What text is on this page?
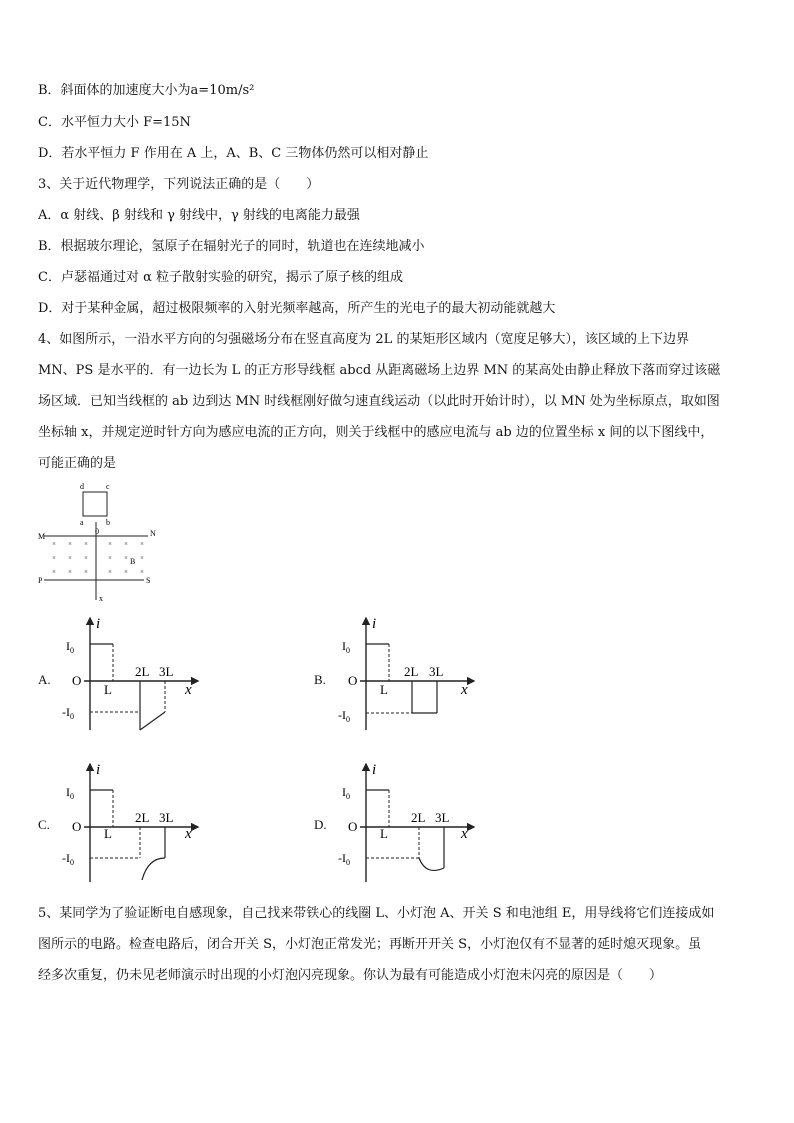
B．斜面体的加速度大小为a=10m/s²
C．水平恒力大小 F=15N
D．若水平恒力 F 作用在 A 上，A、B、C 三物体仍然可以相对静止
3、关于近代物理学，下列说法正确的是（　　）
A．α 射线、β 射线和 γ 射线中，γ 射线的电离能力最强
B．根据玻尔理论，氢原子在辐射光子的同时，轨道也在连续地减小
C．卢瑟福通过对 α 粒子散射实验的研究，揭示了原子核的组成
D．对于某种金属，超过极限频率的入射光频率越高，所产生的光电子的最大初动能就越大
4、如图所示，一沿水平方向的匀强磁场分布在竖直高度为 2L 的某矩形区域内（宽度足够大），该区域的上下边界
MN、PS 是水平的．有一边长为 L 的正方形导线框 abcd 从距离磁场上边界 MN 的某高处由静止释放下落而穿过该磁
场区域．已知当线框的 ab 边到达 MN 时线框刚好做匀速直线运动（以此时开始计时），以 MN 处为坐标原点，取如图
坐标轴 x，并规定逆时针方向为感应电流的正方向，则关于线框中的感应电流与 ab 边的位置坐标 x 间的以下图线中，
可能正确的是
d	c
a	b
0
M	N
P	S
B
x
× × ×	× × ×
× × ×	× × ×
× × ×	× × ×
A.	B.
C.	D.
i
$I_0$
$-I_0$
O
L
2L 3L
x
i
$I_0$
$-I_0$
O
L
2L 3L
x
i
$I_0$
$-I_0$
O L
2L 3L
x
i
$I_0$
$-I_0$
O L
2L 3L
x
5、某同学为了验证断电自感现象，自己找来带铁心的线圈 L、小灯泡 A、开关 S 和电池组 E，用导线将它们连接成如
图所示的电路。检查电路后，闭合开关 S，小灯泡正常发光；再断开开关 S，小灯泡仅有不显著的延时熄灭现象。虽
经多次重复，仍未见老师演示时出现的小灯泡闪亮现象。你认为最有可能造成小灯泡未闪亮的原因是（　　）
